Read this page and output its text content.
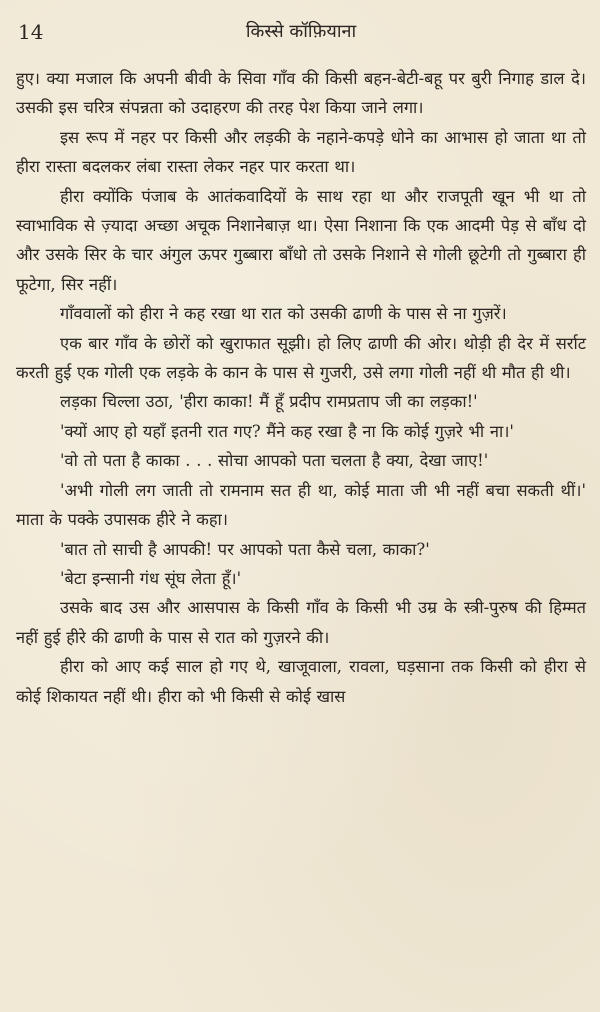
14	किस्से कॉफ़ियाना

हुए। क्या मजाल कि अपनी बीवी के सिवा गाँव की किसी बहन-बेटी-बहू पर बुरी निगाह डाल दे। उसकी इस चरित्र संपन्नता को उदाहरण की तरह पेश किया जाने लगा।

इस रूप में नहर पर किसी और लड़की के नहाने-कपड़े धोने का आभास हो जाता था तो हीरा रास्ता बदलकर लंबा रास्ता लेकर नहर पार करता था।

हीरा क्योंकि पंजाब के आतंकवादियों के साथ रहा था और राजपूती खून भी था तो स्वाभाविक से ज़्यादा अच्छा अचूक निशानेबाज़ था। ऐसा निशाना कि एक आदमी पेड़ से बाँध दो और उसके सिर के चार अंगुल ऊपर गुब्बारा बाँधो तो उसके निशाने से गोली छूटेगी तो गुब्बारा ही फूटेगा, सिर नहीं।

गाँववालों को हीरा ने कह रखा था रात को उसकी ढाणी के पास से ना गुज़रें।

एक बार गाँव के छोरों को खुराफात सूझी। हो लिए ढाणी की ओर। थोड़ी ही देर में सर्राट करती हुई एक गोली एक लड़के के कान के पास से गुजरी, उसे लगा गोली नहीं थी मौत ही थी।

लड़का चिल्ला उठा, 'हीरा काका! मैं हूँ प्रदीप रामप्रताप जी का लड़का!'

'क्यों आए हो यहाँ इतनी रात गए? मैंने कह रखा है ना कि कोई गुज़रे भी ना।'

'वो तो पता है काका . . . सोचा आपको पता चलता है क्या, देखा जाए!'

'अभी गोली लग जाती तो रामनाम सत ही था, कोई माता जी भी नहीं बचा सकती थीं।' माता के पक्के उपासक हीरे ने कहा।

'बात तो साची है आपकी! पर आपको पता कैसे चला, काका?'

'बेटा इन्सानी गंध सूंघ लेता हूँ।'

उसके बाद उस और आसपास के किसी गाँव के किसी भी उम्र के स्त्री-पुरुष की हिम्मत नहीं हुई हीरे की ढाणी के पास से रात को गुज़रने की।

हीरा को आए कई साल हो गए थे, खाजूवाला, रावला, घड़साना तक किसी को हीरा से कोई शिकायत नहीं थी। हीरा को भी किसी से कोई खास
